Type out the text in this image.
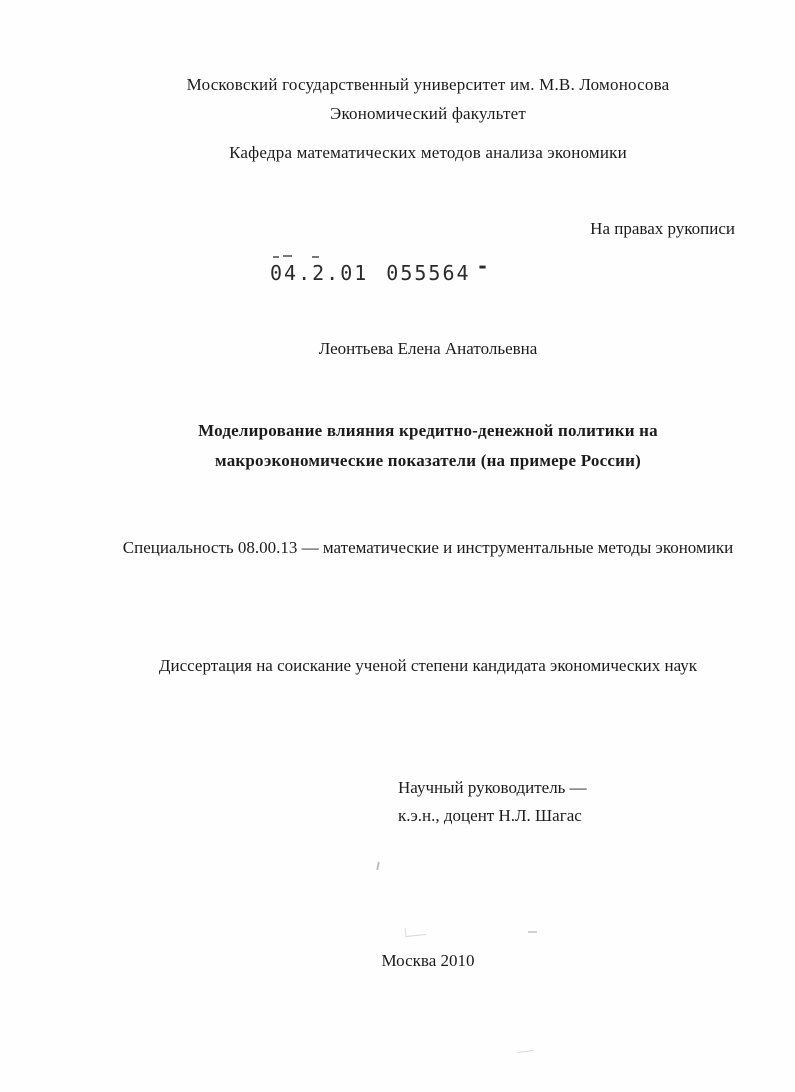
Московский государственный университет им. М.В. Ломоносова
Экономический факультет
Кафедра математических методов анализа экономики
На правах рукописи
04.2.01 055564 -
Леонтьева Елена Анатольевна
Моделирование влияния кредитно-денежной политики на макроэкономические показатели (на примере России)
Специальность 08.00.13 — математические и инструментальные методы экономики
Диссертация на соискание ученой степени кандидата экономических наук
Научный руководитель —
к.э.н., доцент Н.Л. Шагас
Москва 2010
